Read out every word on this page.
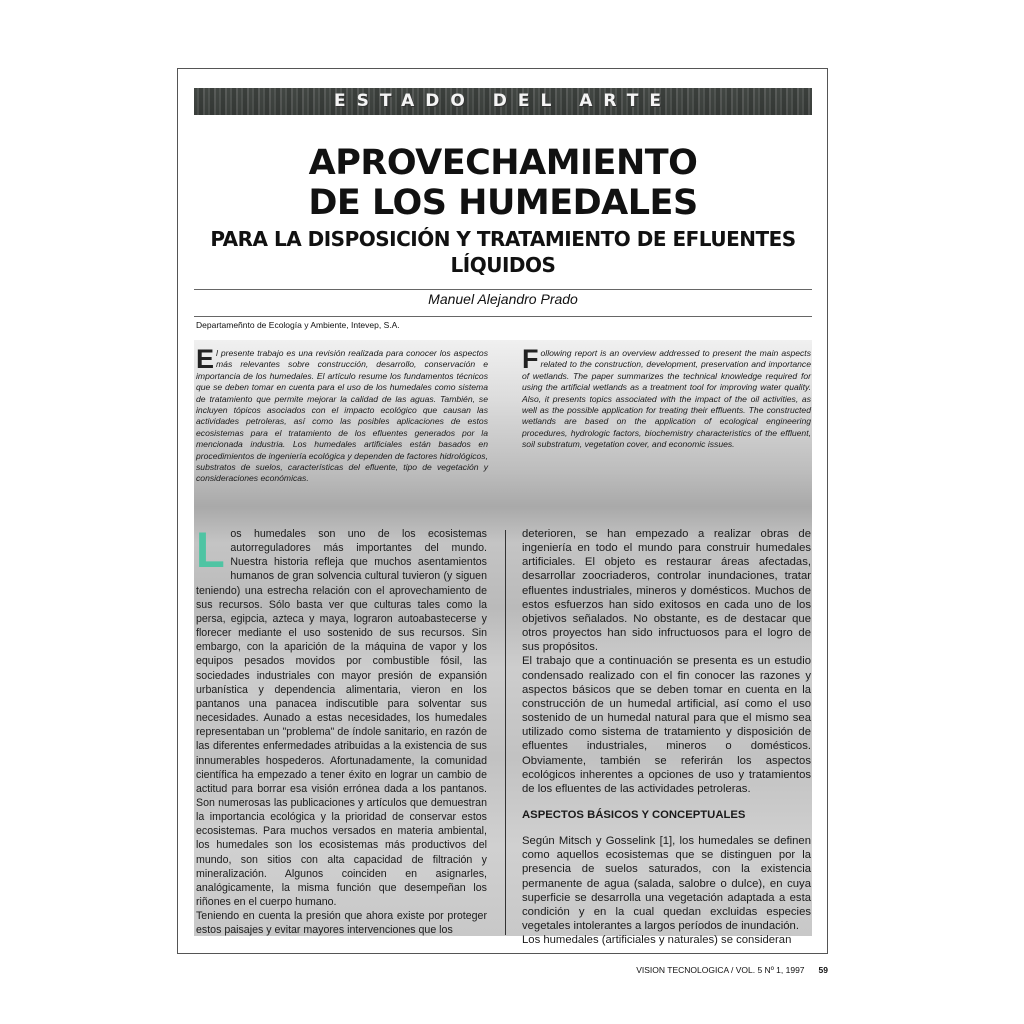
ESTADO DEL ARTE
APROVECHAMIENTO
DE LOS HUMEDALES
PARA LA DISPOSICIÓN Y TRATAMIENTO DE EFLUENTES
LÍQUIDOS
Manuel Alejandro Prado
Departameñnto de Ecología y Ambiente, Intevep, S.A.
El presente trabajo es una revisión realizada para conocer los aspectos más relevantes sobre construcción, desarrollo, conservación e importancia de los humedales. El artículo resume los fundamentos técnicos que se deben tomar en cuenta para el uso de los humedales como sistema de tratamiento que permite mejorar la calidad de las aguas. También, se incluyen tópicos asociados con el impacto ecológico que causan las actividades petroleras, así como las posibles aplicaciones de estos ecosistemas para el tratamiento de los efluentes generados por la mencionada industria. Los humedales artificiales están basados en procedimientos de ingeniería ecológica y dependen de factores hidrológicos, substratos de suelos, características del efluente, tipo de vegetación y consideraciones económicas.
Following report is an overview addressed to present the main aspects related to the construction, development, preservation and importance of wetlands. The paper summarizes the technical knowledge required for using the artificial wetlands as a treatment tool for improving water quality. Also, it presents topics associated with the impact of the oil activities, as well as the possible application for treating their effluents. The constructed wetlands are based on the application of ecological engineering procedures, hydrologic factors, biochemistry characteristics of the effluent, soil substratum, vegetation cover, and economic issues.

Los humedales son uno de los ecosistemas autorreguladores más importantes del mundo. Nuestra historia refleja que muchos asentamientos humanos de gran solvencia cultural tuvieron (y siguen teniendo) una estrecha relación con el aprovechamiento de sus recursos. Sólo basta ver que culturas tales como la persa, egipcia, azteca y maya, lograron autoabastecerse y florecer mediante el uso sostenido de sus recursos. Sin embargo, con la aparición de la máquina de vapor y los equipos pesados movidos por combustible fósil, las sociedades industriales con mayor presión de expansión urbanística y dependencia alimentaria, vieron en los pantanos una panacea indiscutible para solventar sus necesidades. Aunado a estas necesidades, los humedales representaban un "problema" de índole sanitario, en razón de las diferentes enfermedades atribuidas a la existencia de sus innumerables hospederos. Afortunadamente, la comunidad científica ha empezado a tener éxito en lograr un cambio de actitud para borrar esa visión errónea dada a los pantanos. Son numerosas las publicaciones y artículos que demuestran la importancia ecológica y la prioridad de conservar estos ecosistemas. Para muchos versados en materia ambiental, los humedales son los ecosistemas más productivos del mundo, son sitios con alta capacidad de filtración y mineralización. Algunos coinciden en asignarles, analógicamente, la misma función que desempeñan los riñones en el cuerpo humano.

Teniendo en cuenta la presión que ahora existe por proteger estos paisajes y evitar mayores intervenciones que los

deterioren, se han empezado a realizar obras de ingeniería en todo el mundo para construir humedales artificiales. El objeto es restaurar áreas afectadas, desarrollar zoocriaderos, controlar inundaciones, tratar efluentes industriales, mineros y domésticos. Muchos de estos esfuerzos han sido exitosos en cada uno de los objetivos señalados. No obstante, es de destacar que otros proyectos han sido infructuosos para el logro de sus propósitos.

El trabajo que a continuación se presenta es un estudio condensado realizado con el fin conocer las razones y aspectos básicos que se deben tomar en cuenta en la construcción de un humedal artificial, así como el uso sostenido de un humedal natural para que el mismo sea utilizado como sistema de tratamiento y disposición de efluentes industriales, mineros o domésticos. Obviamente, también se referirán los aspectos ecológicos inherentes a opciones de uso y tratamientos de los efluentes de las actividades petroleras.

ASPECTOS BÁSICOS Y CONCEPTUALES

Según Mitsch y Gosselink [1], los humedales se definen como aquellos ecosistemas que se distinguen por la presencia de suelos saturados, con la existencia permanente de agua (salada, salobre o dulce), en cuya superficie se desarrolla una vegetación adaptada a esta condición y en la cual quedan excluidas especies vegetales intolerantes a largos períodos de inundación.

Los humedales (artificiales y naturales) se consideran

VISION TECNOLOGICA / VOL. 5 Nº 1, 1997 59
